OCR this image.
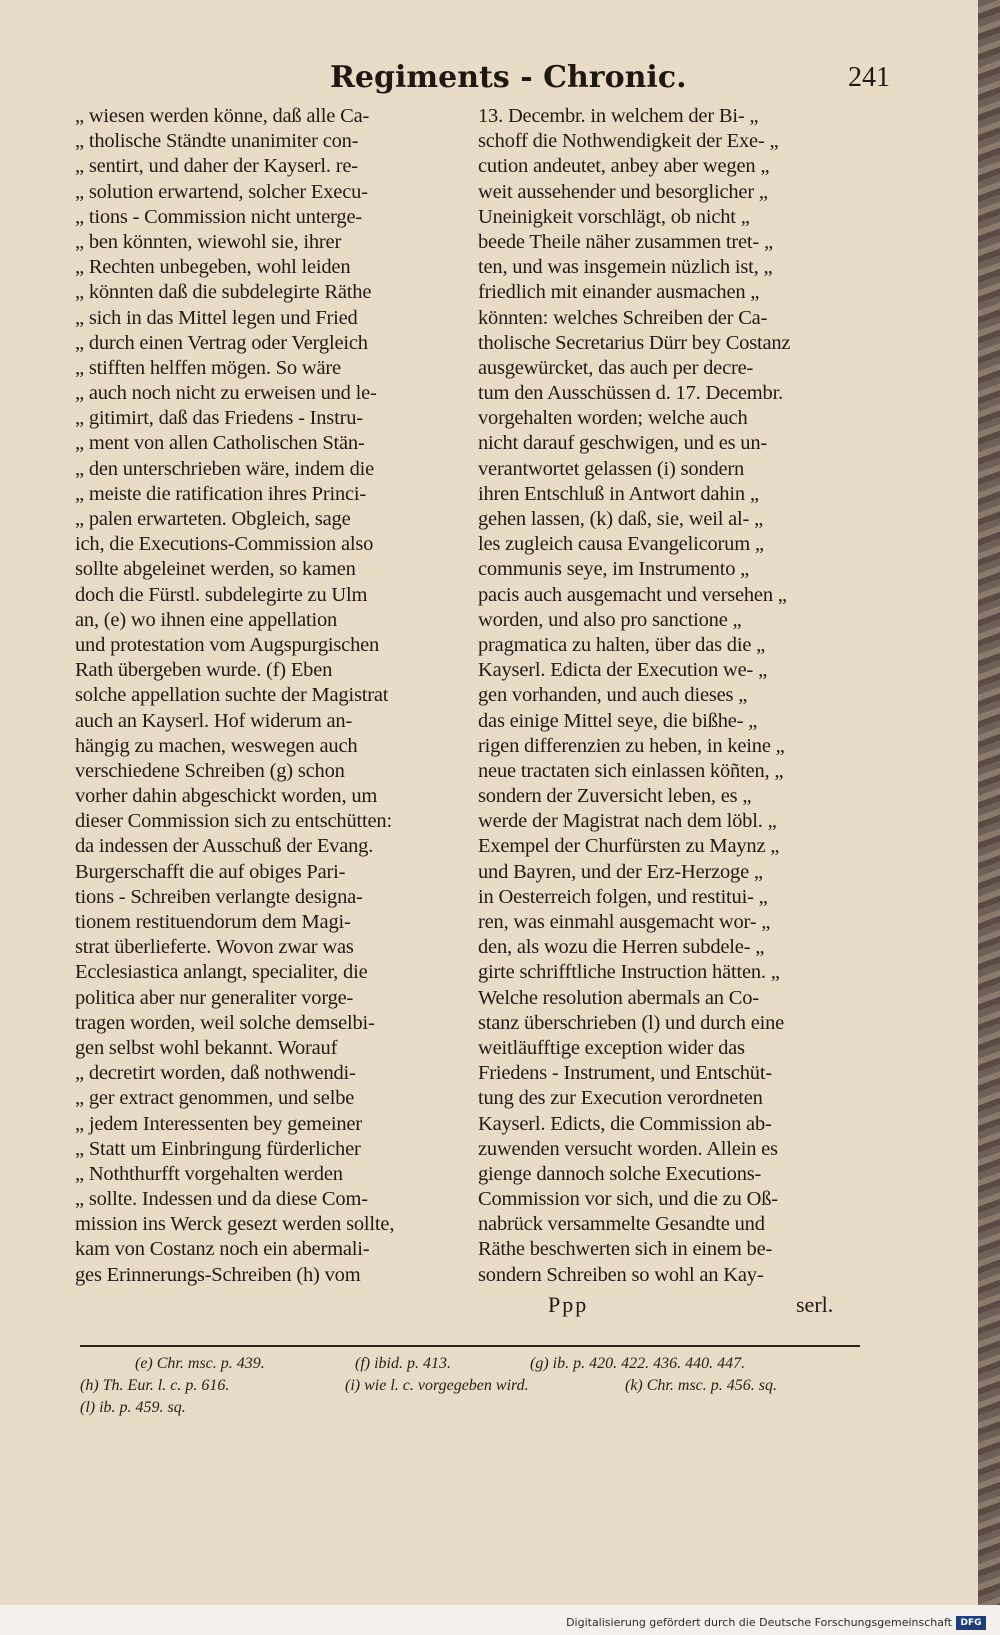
Regiments - Chronic.	241
„ wiesen werden könne, daß alle Ca-
„ tholische Ständte unanimiter con-
„ sentirt, und daher der Kayserl. re-
„ solution erwartend, solcher Execu-
„ tions - Commission nicht unterge-
„ ben könnten, wiewohl sie, ihrer
„ Rechten unbegeben, wohl leiden
„ könnten daß die subdelegirte Räthe
„ sich in das Mittel legen und Fried
„ durch einen Vertrag oder Vergleich
„ stifften helffen mögen. So wäre
„ auch noch nicht zu erweisen und le-
„ gitimirt, daß das Friedens - Instru-
„ ment von allen Catholischen Stän-
„ den unterschrieben wäre, indem die
„ meiste die ratification ihres Princi-
„ palen erwarteten. Obgleich, sage
ich, die Executions-Commission also
sollte abgeleinet werden, so kamen
doch die Fürstl. subdelegirte zu Ulm
an, (e) wo ihnen eine appellation
und protestation vom Augspurgischen
Rath übergeben wurde. (f) Eben
solche appellation suchte der Magistrat
auch an Kayserl. Hof widerum an-
hängig zu machen, weswegen auch
verschiedene Schreiben (g) schon
vorher dahin abgeschickt worden, um
dieser Commission sich zu entschütten:
da indessen der Ausschuß der Evang.
Burgerschafft die auf obiges Pari-
tions - Schreiben verlangte designa-
tionem restituendorum dem Magi-
strat überlieferte. Wovon zwar was
Ecclesiastica anlangt, specialiter, die
politica aber nur generaliter vorge-
tragen worden, weil solche demselbi-
gen selbst wohl bekannt. Worauf
„ decretirt worden, daß nothwendi-
„ ger extract genommen, und selbe
„ jedem Interessenten bey gemeiner
„ Statt um Einbringung fürderlicher
„ Noththurfft vorgehalten werden
„ sollte. Indessen und da diese Com-
mission ins Werck gesezt werden sollte,
kam von Costanz noch ein abermali-
ges Erinnerungs-Schreiben (h) vom
13. Decembr. in welchem der Bi- „
schoff die Nothwendigkeit der Exe- „
cution andeutet, anbey aber wegen „
weit aussehender und besorglicher „
Uneinigkeit vorschlägt, ob nicht „
beede Theile näher zusammen tret- „
ten, und was insgemein nüzlich ist, „
friedlich mit einander ausmachen „
könnten: welches Schreiben der Ca-
tholische Secretarius Dürr bey Costanz
ausgewürcket, das auch per decre-
tum den Ausschüssen d. 17. Decembr.
vorgehalten worden; welche auch
nicht darauf geschwigen, und es un-
verantwortet gelassen (i) sondern
ihren Entschluß in Antwort dahin „
gehen lassen, (k) daß, sie, weil al- „
les zugleich causa Evangelicorum „
communis seye, im Instrumento „
pacis auch ausgemacht und versehen „
worden, und also pro sanctione „
pragmatica zu halten, über das die „
Kayserl. Edicta der Execution we- „
gen vorhanden, und auch dieses „
das einige Mittel seye, die bißhe- „
rigen differenzien zu heben, in keine „
neue tractaten sich einlassen köñten, „
sondern der Zuversicht leben, es „
werde der Magistrat nach dem löbl. „
Exempel der Churfürsten zu Maynz „
und Bayren, und der Erz-Herzoge „
in Oesterreich folgen, und restitui- „
ren, was einmahl ausgemacht wor- „
den, als wozu die Herren subdele- „
girte schrifftliche Instruction hätten. „
Welche resolution abermals an Co-
stanz überschrieben (l) und durch eine
weitläufftige exception wider das
Friedens - Instrument, und Entschüt-
tung des zur Execution verordneten
Kayserl. Edicts, die Commission ab-
zuwenden versucht worden. Allein es
gienge dannoch solche Executions-
Commission vor sich, und die zu Oß-
nabrück versammelte Gesandte und
Räthe beschwerten sich in einem be-
sondern Schreiben so wohl an Kay-
Ppp	serl.
(e) Chr. msc. p. 439.	(f) ibid. p. 413.	(g) ib. p. 420. 422. 436. 440. 447.
(h) Th. Eur. l. c. p. 616.	(i) wie l. c. vorgegeben wird.	(k) Chr. msc. p. 456. sq.
(l) ib. p. 459. sq.
Digitalisierung gefördert durch die Deutsche Forschungsgemeinschaft DFG
